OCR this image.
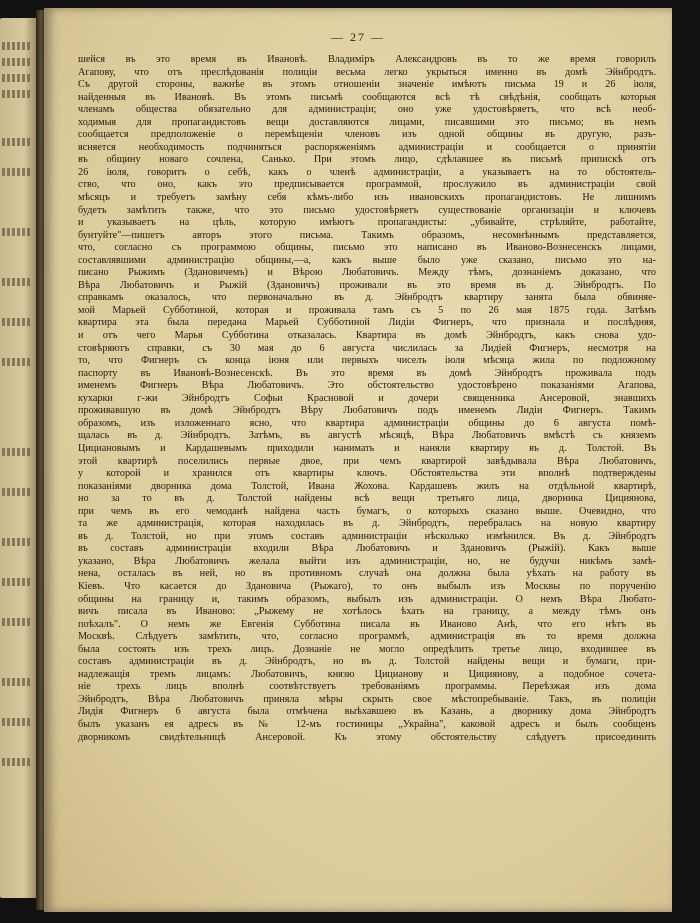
— 27 —
шейся въ это время въ Ивановѣ. Владиміръ Александровъ въ то же время говорилъ
Агапову, что отъ преслѣдованія полиціи весьма легко укрыться именно въ домѣ Эйнбродтъ.
Съ другой стороны, важнѣе въ этомъ отношеніи значеніе имѣютъ письма 19 и 26 іюля,
найденныя въ Ивановѣ. Въ этомъ письмѣ сообщаются всѣ тѣ свѣдѣнія, сообщать которыя
членамъ общества обязательно для администраціи; оно уже удостовѣряетъ, что всѣ необ-
ходимыя для пропагандистовъ вещи доставляются лицами, писавшими это письмо; въ немъ
сообщается предположеніе о перемѣщеніи членовъ изъ одной общины въ другую, разъ-
ясняется необходимость подчиняться распоряженіямъ администраціи и сообщается о принятіи
въ общину новаго сочлена, Санько. При этомъ лицо, сдѣлавшее въ письмѣ припискѣ отъ
26 іюля, говоритъ о себѣ, какъ о членѣ администраціи, а указываетъ на то обстоятель-
ство, что оно, какъ это предписывается программой, прослужило въ администраціи свой
мѣсяцъ и требуетъ замѣну себя кѣмъ-либо изъ ивановскихъ пропагандистовъ. Не лишнимъ
будетъ замѣтить также, что это письмо удостовѣряетъ существованіе организаціи и ключевъ
и указываетъ на цѣль, которую имѣютъ пропагандисты: „убивайте, стрѣляйте, работайте,
бунтуйте"—пишетъ авторъ этого письма. Такимъ образомъ, несомнѣннымъ представляется,
что, согласно съ программою общины, письмо это написано въ Иваново-Вознесенскъ лицами,
составлявшими администрацію общины,—а, какъ выше было уже сказано, письмо это на-
писано Рыжимъ (Здановичемъ) и Вѣрою Любатовичъ. Между тѣмъ, дознаніемъ доказано, что
Вѣра Любатовичъ и Рыжій (Здановичъ) проживали въ это время въ д. Эйнбродтъ. По
справкамъ оказалось, что первоначально въ д. Эйнбродтъ квартиру занята была обвиняе-
мой Марьей Субботиной, которая и проживала тамъ съ 5 по 26 мая 1875 года. Затѣмъ
квартира эта была передана Марьей Субботиной Лидіи Фигнеръ, что признала и послѣдняя,
и отъ чего Марья Субботина отказалась. Квартира въ домѣ Эйнбродтъ, какъ снова удо-
стовѣряютъ справки, съ 30 мая до 6 августа числилась за Лидіей Фигнеръ, несмотря на
то, что Фигнеръ съ конца іюня или первыхъ чиселъ іюля мѣсяца жила по подложному
паспорту въ Ивановѣ-Вознесенскѣ. Въ это время въ домѣ Эйнбродтъ проживала подъ
именемъ Фигнеръ Вѣра Любатовичъ. Это обстоятельство удостовѣрено показаніями Агапова,
кухарки г-жи Эйнбродтъ Софьи Красновой и дочери священника Ансеровой, знавшихъ
проживавшую въ домѣ Эйнбродтъ Вѣру Любатовичъ подъ именемъ Лидіи Фигнеръ. Такимъ
образомъ, изъ изложеннаго ясно, что квартира администраціи общины до 6 августа помѣ-
щалась въ д. Эйнбродтъ. Затѣмъ, въ августѣ мѣсяцѣ, Вѣра Любатовичъ вмѣстѣ съ княземъ
Цициановымъ и Кардашевымъ приходили нанимать и наняли квартиру въ д. Толстой. Въ
этой квартирѣ поселились первые двое, при чемъ квартирой завѣдывала Вѣра Любатовичъ,
у которой и хранился отъ квартиры ключъ. Обстоятельства эти вполнѣ подтверждены
показаніями дворника дома Толстой, Ивана Жохова. Кардашевъ жилъ на отдѣльной квартирѣ,
но за то въ д. Толстой найдены всѣ вещи третьяго лица, дворника Цициянова,
при чемъ въ его чемоданѣ найдена часть бумагъ, о которыхъ сказано выше. Очевидно, что
та же администрація, которая находилась въ д. Эйнбродтъ, перебралась на новую квартиру
въ д. Толстой, но при этомъ составъ администраціи нѣсколько измѣнился. Въ д. Эйнбродтъ
въ составъ администраціи входили Вѣра Любатовичъ и Здановичъ (Рыжій). Какъ выше
указано, Вѣра Любатовичъ желала выйти изъ администраціи, но, не будучи никѣмъ замѣ-
нена, осталась въ ней, но въ противномъ случаѣ она должна была уѣхать на работу въ
Кіевъ. Что касается до Здановича (Рыжаго), то онъ выбылъ изъ Москвы по порученію
общины на границу и, такимъ образомъ, выбылъ изъ администраціи. О немъ Вѣра Любато-
вичъ писала въ Иваново: „Рыжему не хотѣлось ѣхать на границу, а между тѣмъ онъ
поѣхалъ". О немъ же Евгенія Субботина писала въ Иваново Анѣ, что его нѣтъ въ
Москвѣ. Слѣдуетъ замѣтить, что, согласно программѣ, администрація въ то время должна
была состоять изъ трехъ лицъ. Дознаніе не могло опредѣлить третье лицо, входившее въ
составъ администраціи въ д. Эйнбродтъ, но въ д. Толстой найдены вещи и бумаги, при-
надлежащія тремъ лицамъ: Любатовичъ, князю Цицианову и Цициянову, а подобное сочета-
ніе трехъ лицъ вполнѣ соотвѣтствуетъ требованіямъ программы. Переѣзжая изъ дома
Эйнбродтъ, Вѣра Любатовичъ приняла мѣры скрыть свое мѣстопребываніе. Такъ, въ полиціи
Лидія Фигнеръ 6 августа была отмѣчена выѣхавшею въ Казань, а дворнику дома Эйнбродтъ
былъ указанъ ея адресъ въ № 12-мъ гостиницы „Украйна", каковой адресъ и былъ сообщенъ
дворникомъ свидѣтельницѣ Ансеровой. Къ этому обстоятельству слѣдуетъ присоединить
